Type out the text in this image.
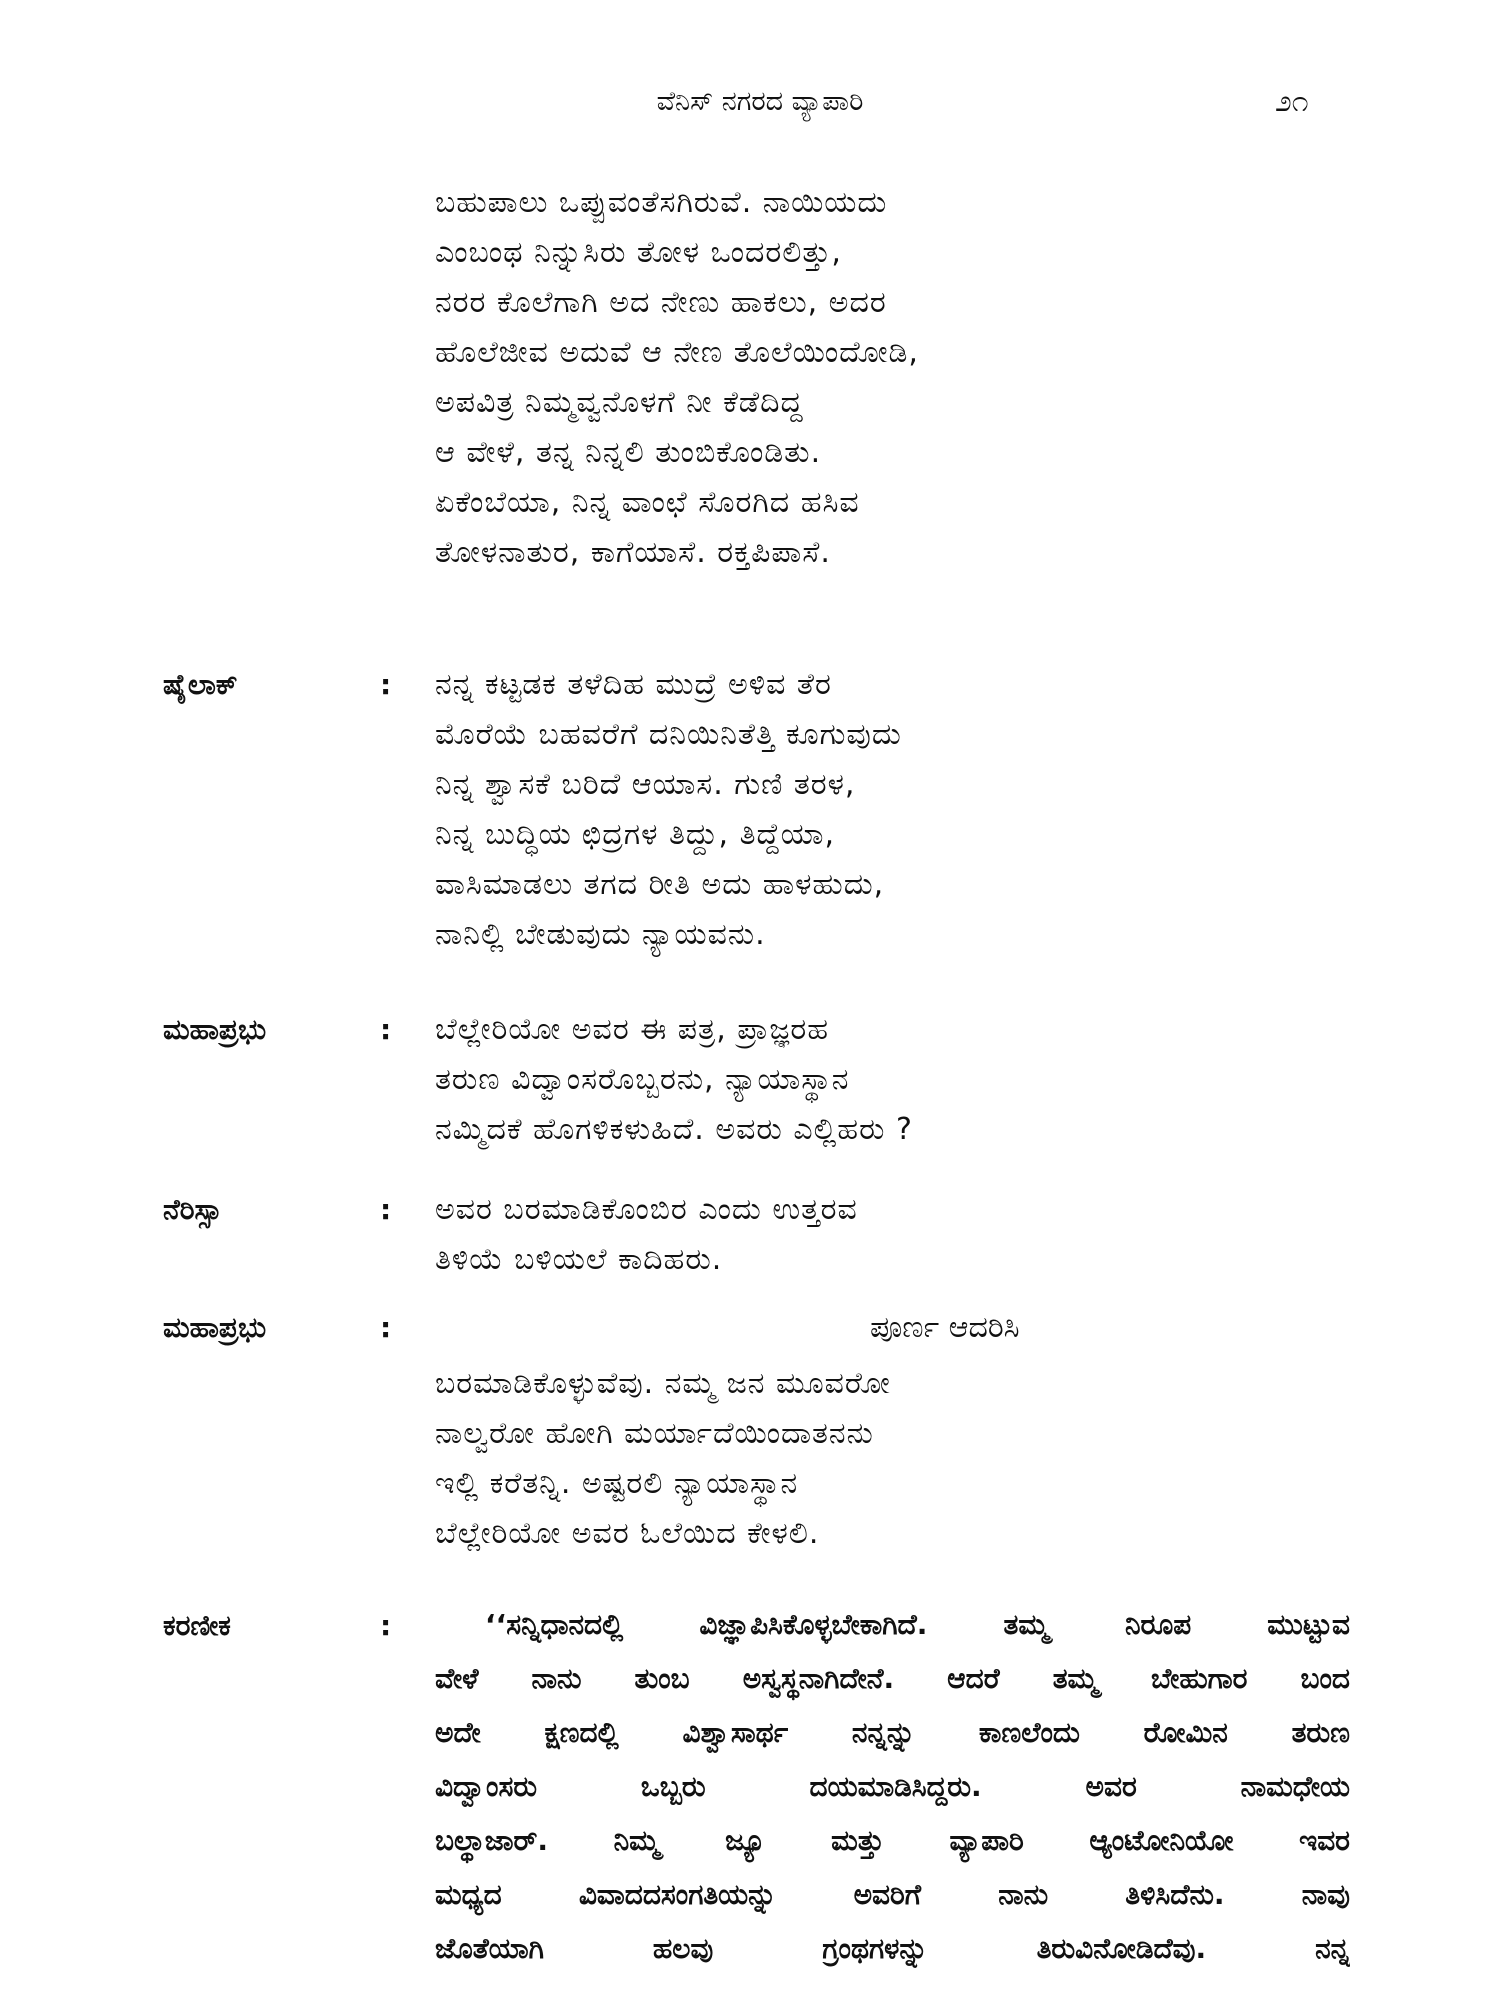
ವೆನಿಸ್ ನಗರದ ವ್ಯಾಪಾರಿ	೨೧
ಬಹುಪಾಲು ಒಪ್ಪುವಂತೆಸಗಿರುವೆ. ನಾಯಿಯದು
ಎಂಬಂಥ ನಿನ್ನುಸಿರು ತೋಳ ಒಂದರಲಿತ್ತು,
ನರರ ಕೊಲೆಗಾಗಿ ಅದ ನೇಣು ಹಾಕಲು, ಅದರ
ಹೊಲೆಜೀವ ಅದುವೆ ಆ ನೇಣ ತೊಲೆಯಿಂದೋಡಿ,
ಅಪವಿತ್ರ ನಿಮ್ಮವ್ವನೊಳಗೆ ನೀ ಕೆಡೆದಿದ್ದ
ಆ ವೇಳೆ, ತನ್ನ ನಿನ್ನಲಿ ತುಂಬಿಕೊಂಡಿತು.
ಏಕೆಂಬೆಯಾ, ನಿನ್ನ ವಾಂಛೆ ಸೊರಗಿದ ಹಸಿವ
ತೋಳನಾತುರ, ಕಾಗೆಯಾಸೆ. ರಕ್ತಪಿಪಾಸೆ.
ಷೈಲಾಕ್	: ನನ್ನ ಕಟ್ಟಡಕ ತಳೆದಿಹ ಮುದ್ರೆ ಅಳಿವ ತೆರ
ಮೊರೆಯೆ ಬಹವರೆಗೆ ದನಿಯಿನಿತೆತ್ತಿ ಕೂಗುವುದು
ನಿನ್ನ ಶ್ವಾಸಕೆ ಬರಿದೆ ಆಯಾಸ. ಗುಣಿ ತರಳ,
ನಿನ್ನ ಬುದ್ಧಿಯ ಛಿದ್ರಗಳ ತಿದ್ದು, ತಿದ್ದೆಯಾ,
ವಾಸಿಮಾಡಲು ತಗದ ರೀತಿ ಅದು ಹಾಳಹುದು,
ನಾನಿಲ್ಲಿ ಬೇಡುವುದು ನ್ಯಾಯವನು.
ಮಹಾಪ್ರಭು	: ಬೆಲ್ಲೇರಿಯೋ ಅವರ ಈ ಪತ್ರ, ಪ್ರಾಜ್ಞರಹ
ತರುಣ ವಿದ್ವಾಂಸರೊಬ್ಬರನು, ನ್ಯಾಯಾಸ್ಥಾನ
ನಮ್ಮಿದಕೆ ಹೊಗಳಿಕಳುಹಿದೆ. ಅವರು ಎಲ್ಲಿಹರು ?
ನೆರಿಸ್ಸಾ	: ಅವರ ಬರಮಾಡಿಕೊಂಬಿರ ಎಂದು ಉತ್ತರವ
ತಿಳಿಯೆ ಬಳಿಯಲೆ ಕಾದಿಹರು.
ಮಹಾಪ್ರಭು	:	ಪೂರ್ಣ ಆದರಿಸಿ
ಬರಮಾಡಿಕೊಳ್ಳುವೆವು. ನಮ್ಮ ಜನ ಮೂವರೋ
ನಾಲ್ವರೋ ಹೋಗಿ ಮರ್ಯಾದೆಯಿಂದಾತನನು
ಇಲ್ಲಿ ಕರೆತನ್ನಿ. ಅಷ್ಟರಲಿ ನ್ಯಾಯಾಸ್ಥಾನ
ಬೆಲ್ಲೇರಿಯೋ ಅವರ ಓಲೆಯಿದ ಕೇಳಲಿ.
ಕರಣೀಕ	:	‘‘ಸನ್ನಿಧಾನದಲ್ಲಿ ವಿಜ್ಞಾಪಿಸಿಕೊಳ್ಳಬೇಕಾಗಿದೆ. ತಮ್ಮ ನಿರೂಪ ಮುಟ್ಟುವ
ವೇಳೆ ನಾನು ತುಂಬ ಅಸ್ವಸ್ಥನಾಗಿದೇನೆ. ಆದರೆ ತಮ್ಮ ಬೇಹುಗಾರ ಬಂದ
ಅದೇ ಕ್ಷಣದಲ್ಲಿ ವಿಶ್ವಾಸಾರ್ಥ ನನ್ನನ್ನು ಕಾಣಲೆಂದು ರೋಮಿನ ತರುಣ
ವಿದ್ವಾಂಸರು ಒಬ್ಬರು ದಯಮಾಡಿಸಿದ್ದರು. ಅವರ ನಾಮಧೇಯ
ಬಲ್ಥಾಜಾರ್. ನಿಮ್ಮ ಜ್ಯೂ ಮತ್ತು ವ್ಯಾಪಾರಿ ಆ್ಯಂಟೋನಿಯೋ ಇವರ
ಮಧ್ಯದ ವಿವಾದದಸಂಗತಿಯನ್ನು ಅವರಿಗೆ ನಾನು ತಿಳಿಸಿದೆನು. ನಾವು
ಜೊತೆಯಾಗಿ ಹಲವು ಗ್ರಂಥಗಳನ್ನು ತಿರುವಿನೋಡಿದೆವು. ನನ್ನ
